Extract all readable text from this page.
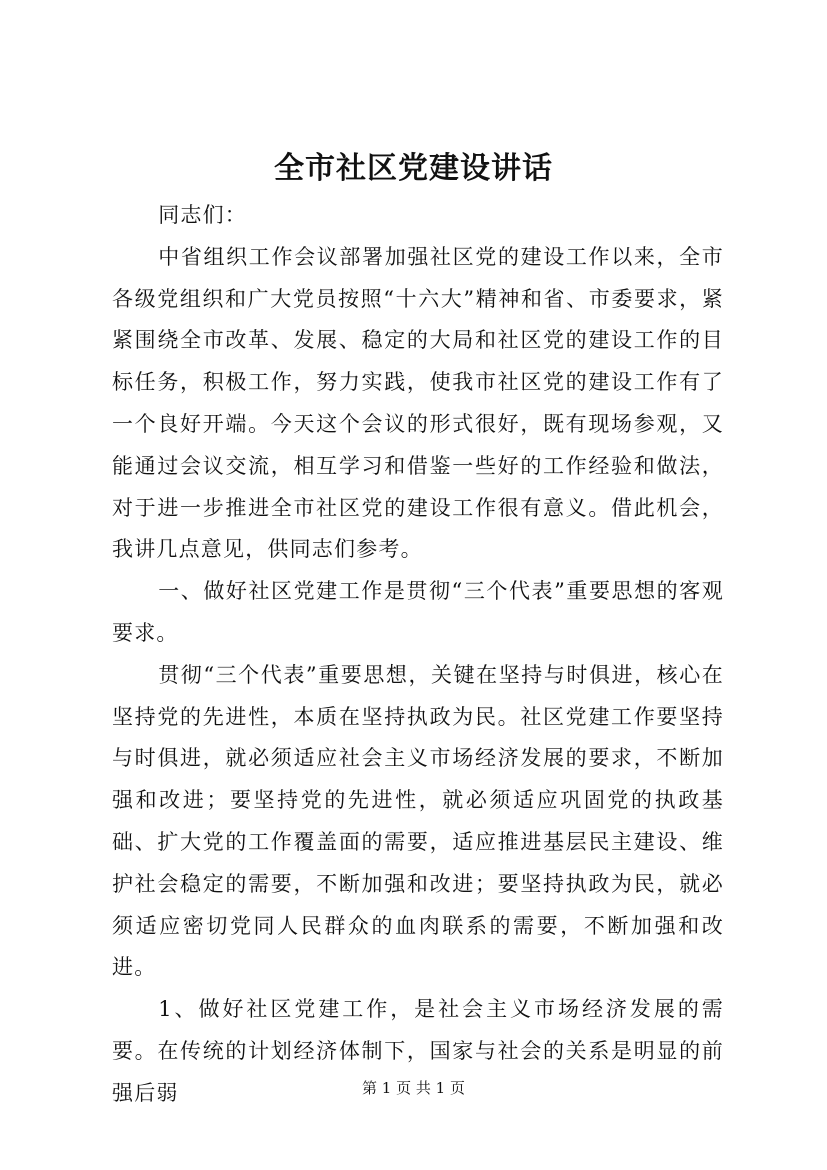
全市社区党建设讲话

同志们：

中省组织工作会议部署加强社区党的建设工作以来，全市各级党组织和广大党员按照“十六大”精神和省、市委要求，紧紧围绕全市改革、发展、稳定的大局和社区党的建设工作的目标任务，积极工作，努力实践，使我市社区党的建设工作有了一个良好开端。今天这个会议的形式很好，既有现场参观，又能通过会议交流，相互学习和借鉴一些好的工作经验和做法，对于进一步推进全市社区党的建设工作很有意义。借此机会，我讲几点意见，供同志们参考。

一、做好社区党建工作是贯彻“三个代表”重要思想的客观要求。

贯彻“三个代表”重要思想，关键在坚持与时俱进，核心在坚持党的先进性，本质在坚持执政为民。社区党建工作要坚持与时俱进，就必须适应社会主义市场经济发展的要求，不断加强和改进；要坚持党的先进性，就必须适应巩固党的执政基础、扩大党的工作覆盖面的需要，适应推进基层民主建设、维护社会稳定的需要，不断加强和改进；要坚持执政为民，就必须适应密切党同人民群众的血肉联系的需要，不断加强和改进。

1、做好社区党建工作，是社会主义市场经济发展的需要。在传统的计划经济体制下，国家与社会的关系是明显的前强后弱	第 1 页 共 1 页
